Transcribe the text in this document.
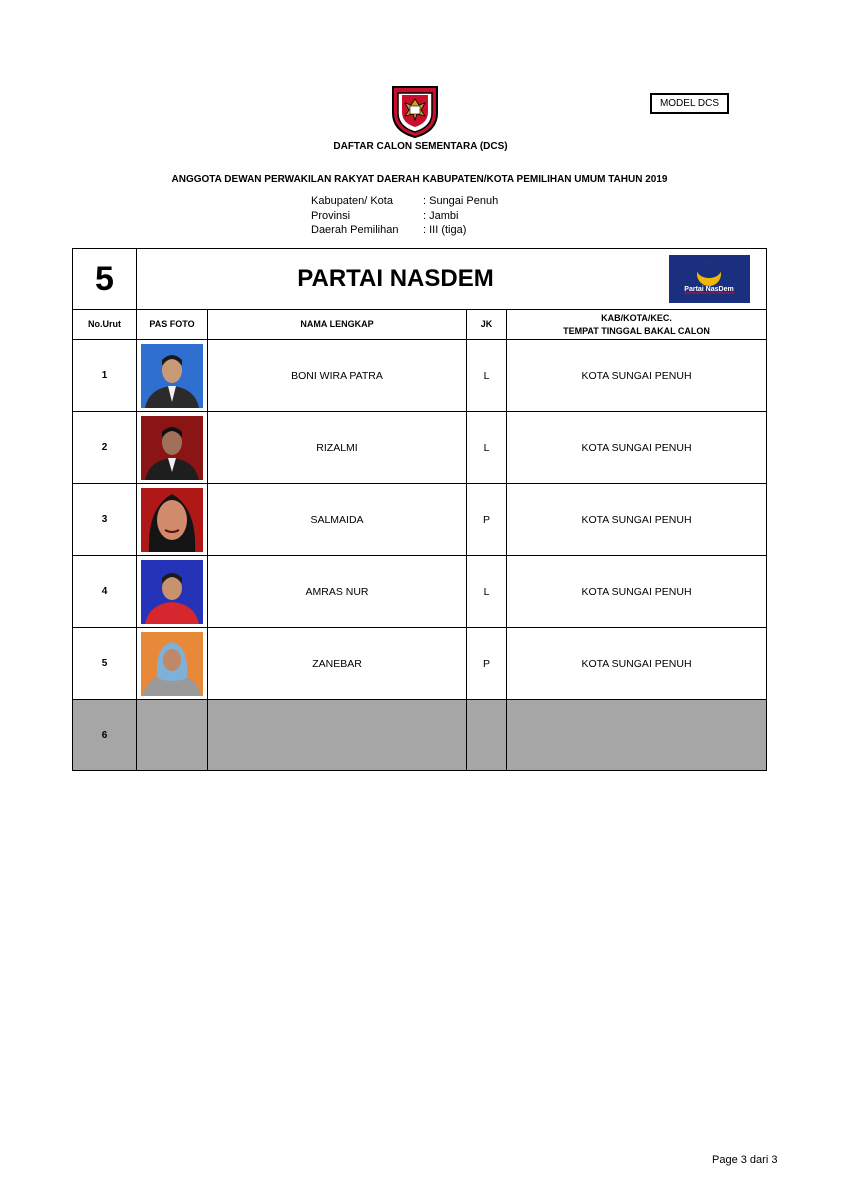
MODEL DCS
DAFTAR CALON SEMENTARA (DCS)
ANGGOTA DEWAN PERWAKILAN RAKYAT DAERAH KABUPATEN/KOTA PEMILIHAN UMUM TAHUN 2019
Kabupaten/ Kota	: Sungai Penuh
Provinsi	: Jambi
Daerah Pemilihan : III (tiga)
5	PARTAI NASDEM Partai NasDem			

No.Urut	PAS FOTO	NAMA LENGKAP	JK	KAB/KOTA/KEC.
TEMPAT TINGGAL BAKAL CALON

1		BONI WIRA PATRA	L	KOTA SUNGAI PENUH
2		RIZALMI	L	KOTA SUNGAI PENUH
3		SALMAIDA	P	KOTA SUNGAI PENUH
4		AMRAS NUR	L	KOTA SUNGAI PENUH
5		ZANEBAR	P	KOTA SUNGAI PENUH
6				
Page 3 dari 3
